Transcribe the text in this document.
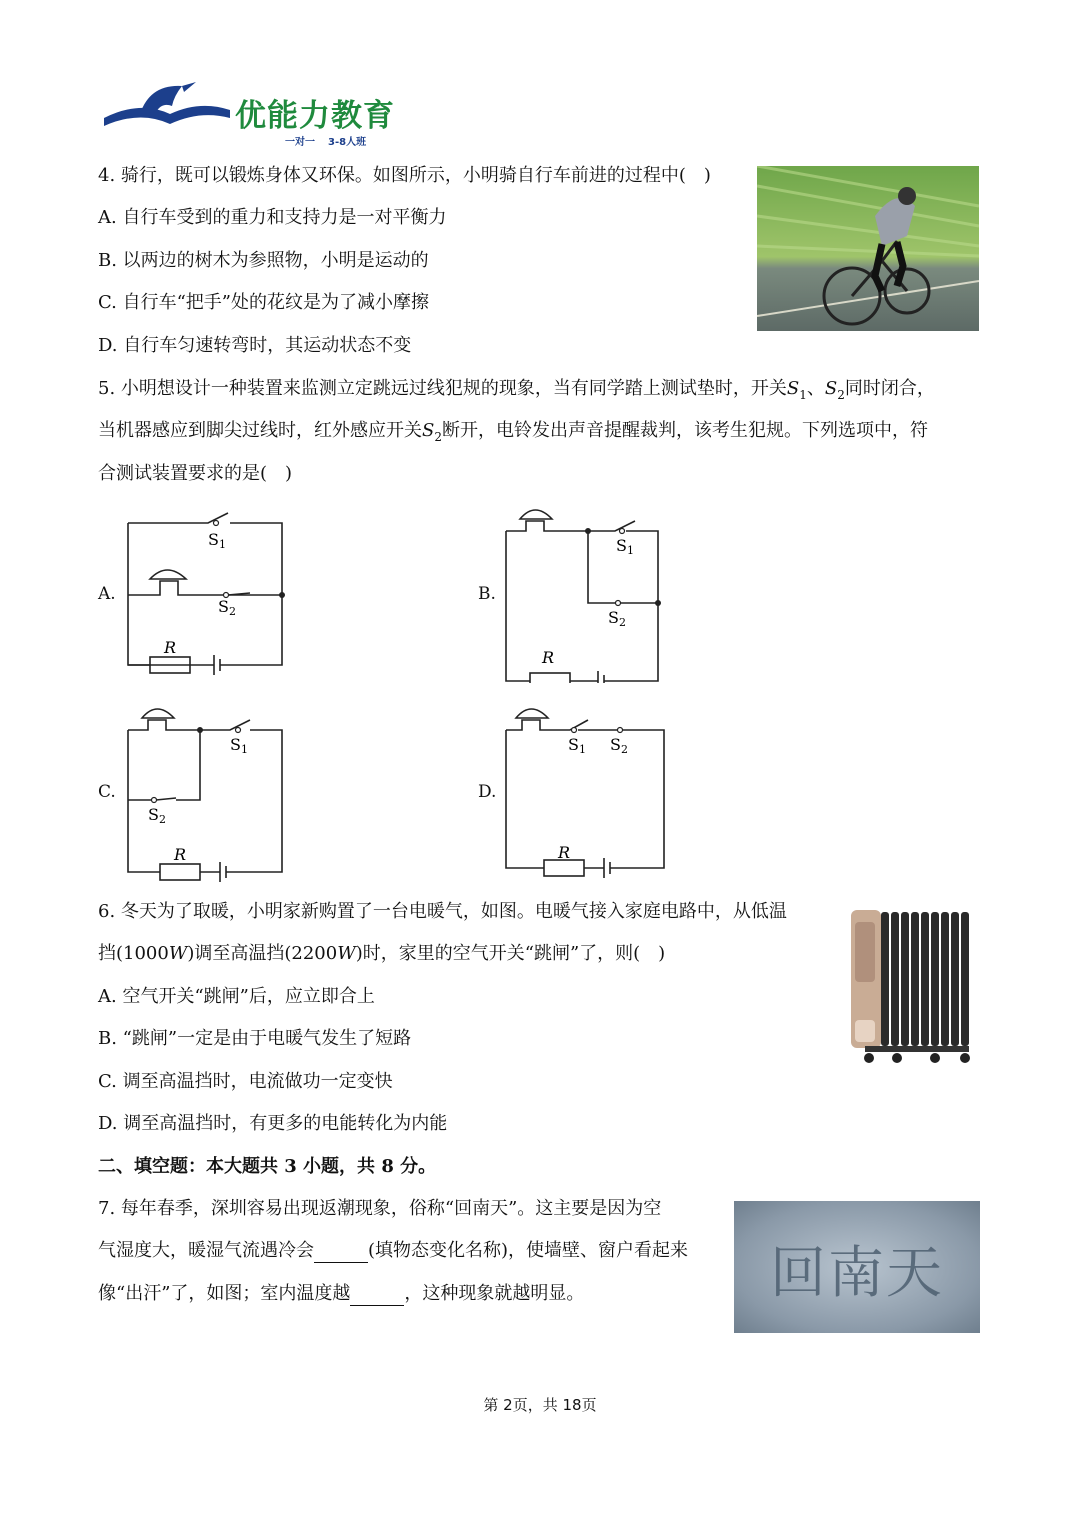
优能力教育
一对一 3-8人班
4. 骑行，既可以锻炼身体又环保。如图所示，小明骑自行车前进的过程中(　)
A. 自行车受到的重力和支持力是一对平衡力
B. 以两边的树木为参照物，小明是运动的
C. 自行车“把手”处的花纹是为了减小摩擦
D. 自行车匀速转弯时，其运动状态不变
5. 小明想设计一种装置来监测立定跳远过线犯规的现象，当有同学踏上测试垫时，开关$S_1$、$S_2$同时闭合，
当机器感应到脚尖过线时，红外感应开关$S_2$断开，电铃发出声音提醒裁判，该考生犯规。下列选项中，符
合测试装置要求的是(　)
A.	B.
C.	D.
S 1
S 2
R
S 1
S 2
R
S 1
S 2
R
S 1 S 2
R
6. 冬天为了取暖，小明家新购置了一台电暖气，如图。电暖气接入家庭电路中，从低温
挡(1000W)调至高温挡(2200W)时，家里的空气开关“跳闸”了，则(　)
A. 空气开关“跳闸”后，应立即合上
B. “跳闸”一定是由于电暖气发生了短路
C. 调至高温挡时，电流做功一定变快
D. 调至高温挡时，有更多的电能转化为内能
二、填空题：本大题共 3 小题，共 8 分。
7. 每年春季，深圳容易出现返潮现象，俗称“回南天”。这主要是因为空
气湿度大，暖湿气流遇冷会	(填物态变化名称)，使墙壁、窗户看起来
像“出汗”了，如图；室内温度越	，这种现象就越明显。	回南天
第 2页，共 18页
